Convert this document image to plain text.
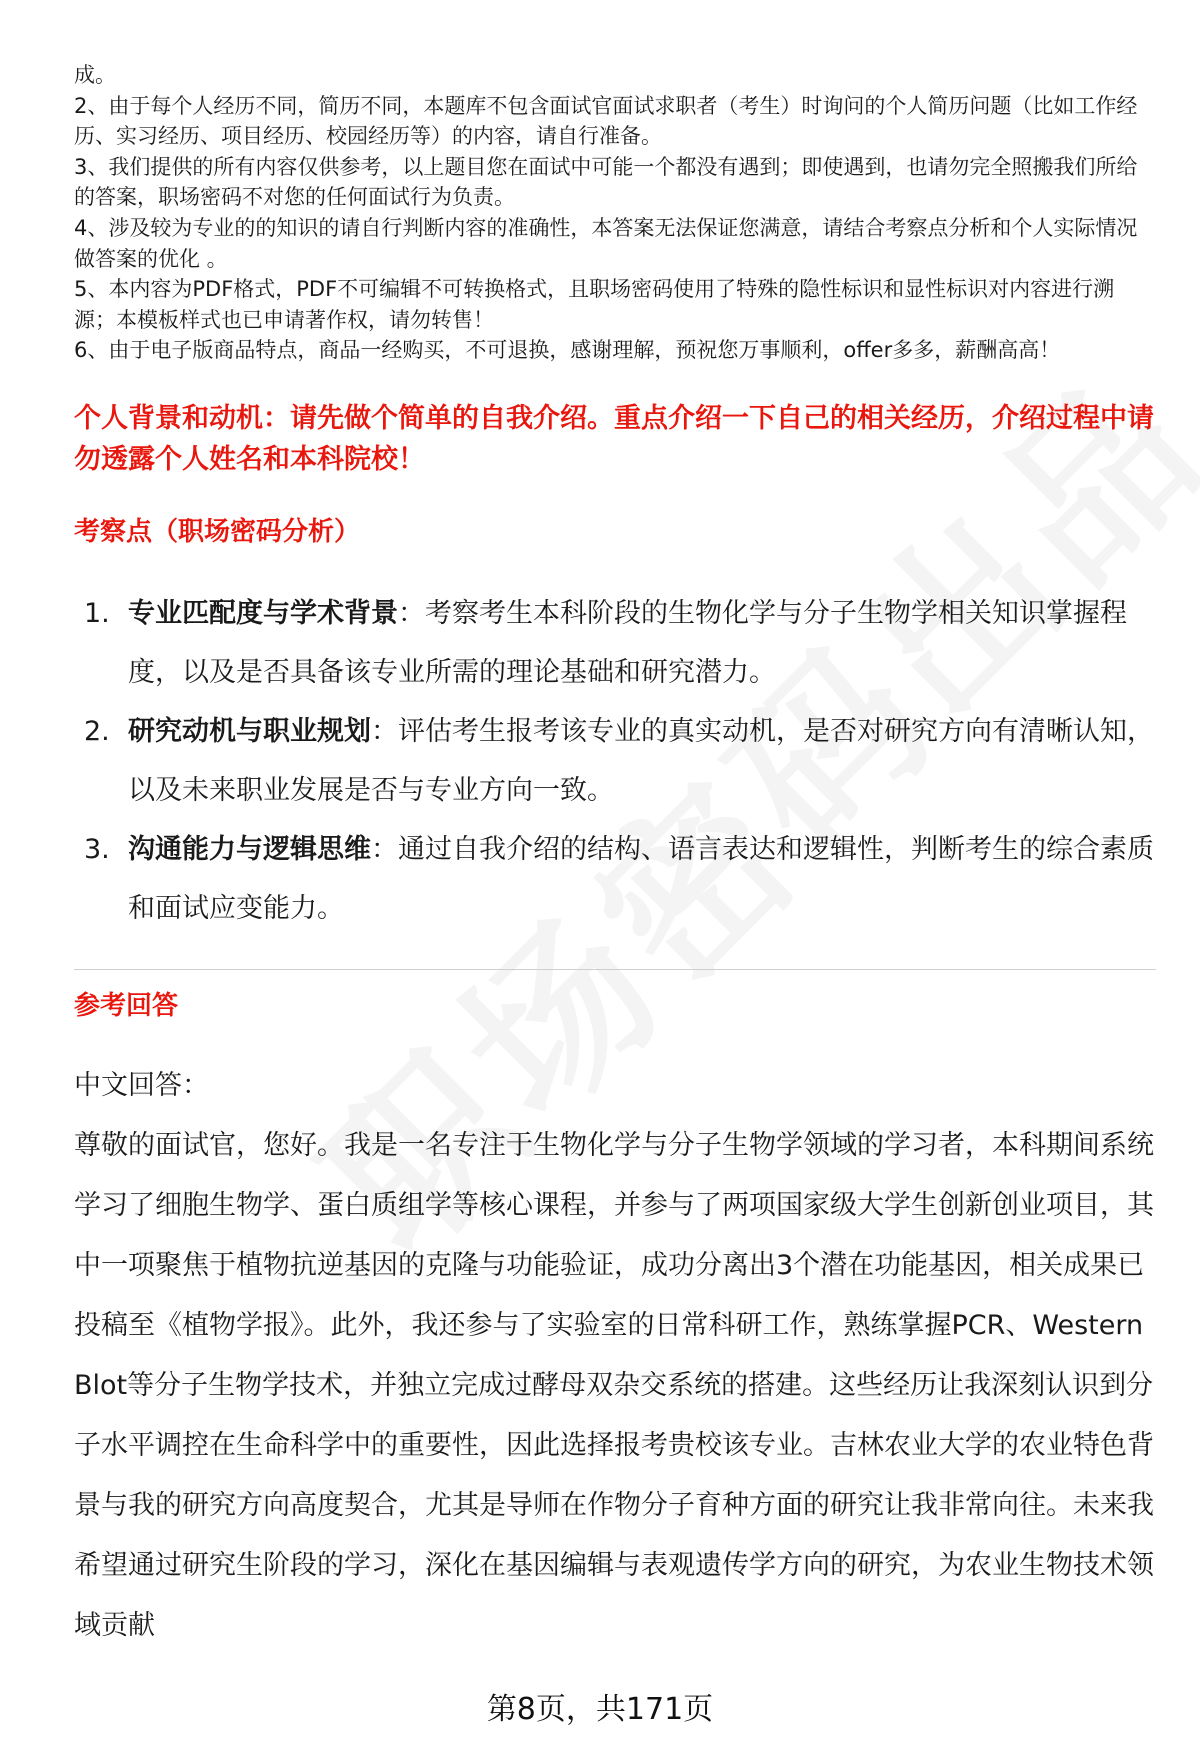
成。

2、由于每个人经历不同，简历不同，本题库不包含面试官面试求职者（考生）时询问的个人简历问题（比如工作经历、实习经历、项目经历、校园经历等）的内容，请自行准备。

3、我们提供的所有内容仅供参考，以上题目您在面试中可能一个都没有遇到；即使遇到，也请勿完全照搬我们所给的答案，职场密码不对您的任何面试行为负责。

4、涉及较为专业的的知识的请自行判断内容的准确性，本答案无法保证您满意，请结合考察点分析和个人实际情况做答案的优化 。

5、本内容为PDF格式，PDF不可编辑不可转换格式，且职场密码使用了特殊的隐性标识和显性标识对内容进行溯源；本模板样式也已申请著作权，请勿转售！

6、由于电子版商品特点，商品一经购买，不可退换，感谢理解，预祝您万事顺利，offer多多，薪酬高高！

个人背景和动机：请先做个简单的自我介绍。重点介绍一下自己的相关经历，介绍过程中请勿透露个人姓名和本科院校！
考察点（职场密码分析）
1. 专业匹配度与学术背景：考察考生本科阶段的生物化学与分子生物学相关知识掌握程度，以及是否具备该专业所需的理论基础和研究潜力。
2. 研究动机与职业规划：评估考生报考该专业的真实动机，是否对研究方向有清晰认知，以及未来职业发展是否与专业方向一致。
3. 沟通能力与逻辑思维：通过自我介绍的结构、语言表达和逻辑性，判断考生的综合素质和面试应变能力。
参考回答

中文回答：

尊敬的面试官，您好。我是一名专注于生物化学与分子生物学领域的学习者，本科期间系统学习了细胞生物学、蛋白质组学等核心课程，并参与了两项国家级大学生创新创业项目，其中一项聚焦于植物抗逆基因的克隆与功能验证，成功分离出3个潜在功能基因，相关成果已投稿至《植物学报》。此外，我还参与了实验室的日常科研工作，熟练掌握PCR、Western Blot等分子生物学技术，并独立完成过酵母双杂交系统的搭建。这些经历让我深刻认识到分子水平调控在生命科学中的重要性，因此选择报考贵校该专业。吉林农业大学的农业特色背景与我的研究方向高度契合，尤其是导师在作物分子育种方面的研究让我非常向往。未来我希望通过研究生阶段的学习，深化在基因编辑与表观遗传学方向的研究，为农业生物技术领域贡献

第8页，共171页
